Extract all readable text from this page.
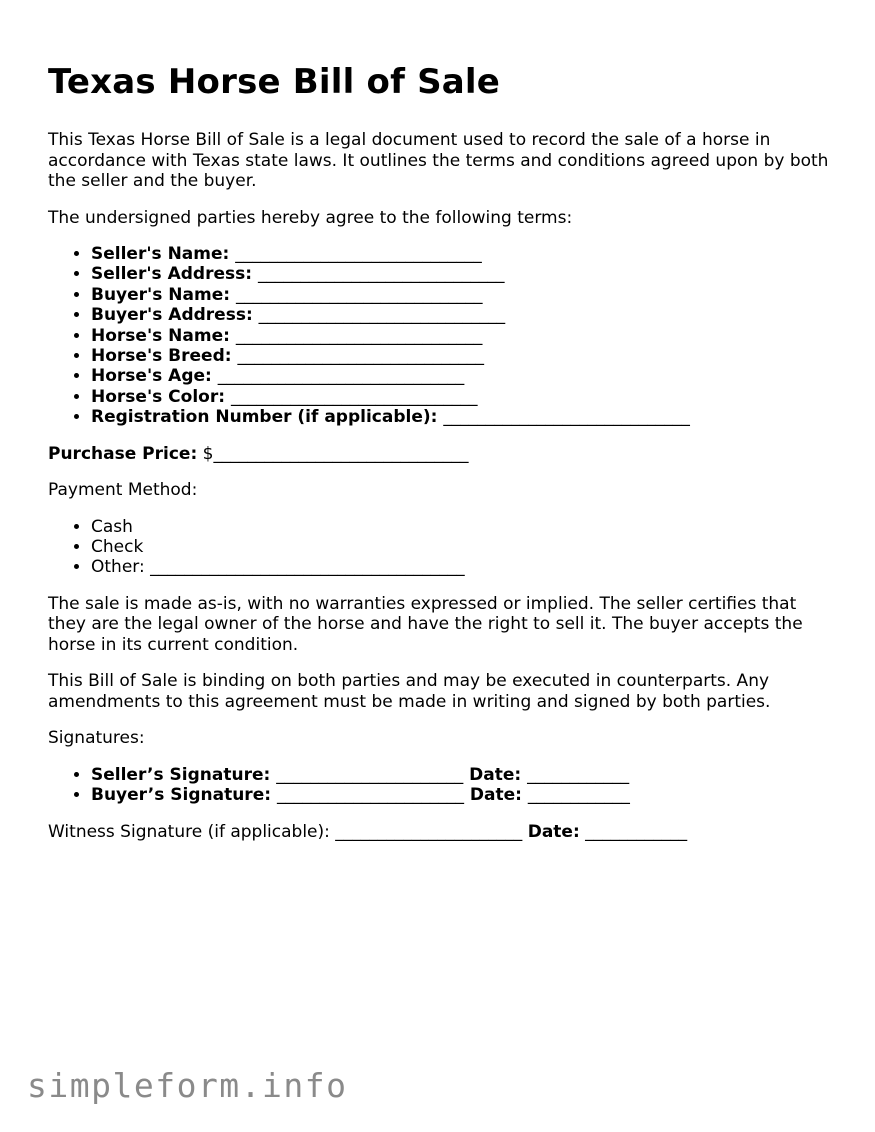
Texas Horse Bill of Sale

This Texas Horse Bill of Sale is a legal document used to record the sale of a horse in accordance with Texas state laws. It outlines the terms and conditions agreed upon by both the seller and the buyer.

The undersigned parties hereby agree to the following terms:

• Seller's Name: _____________________________
• Seller's Address: _____________________________
• Buyer's Name: _____________________________
• Buyer's Address: _____________________________
• Horse's Name: _____________________________
• Horse's Breed: _____________________________
• Horse's Age: _____________________________
• Horse's Color: _____________________________
• Registration Number (if applicable): _____________________________

Purchase Price: $______________________________

Payment Method:

• Cash
• Check
• Other: _____________________________________

The sale is made as-is, with no warranties expressed or implied. The seller certifies that they are the legal owner of the horse and have the right to sell it. The buyer accepts the horse in its current condition.

This Bill of Sale is binding on both parties and may be executed in counterparts. Any amendments to this agreement must be made in writing and signed by both parties.

Signatures:

• Seller’s Signature: ______________________ Date: ____________
• Buyer’s Signature: ______________________ Date: ____________

Witness Signature (if applicable): ______________________ Date: ____________

simpleform.info
